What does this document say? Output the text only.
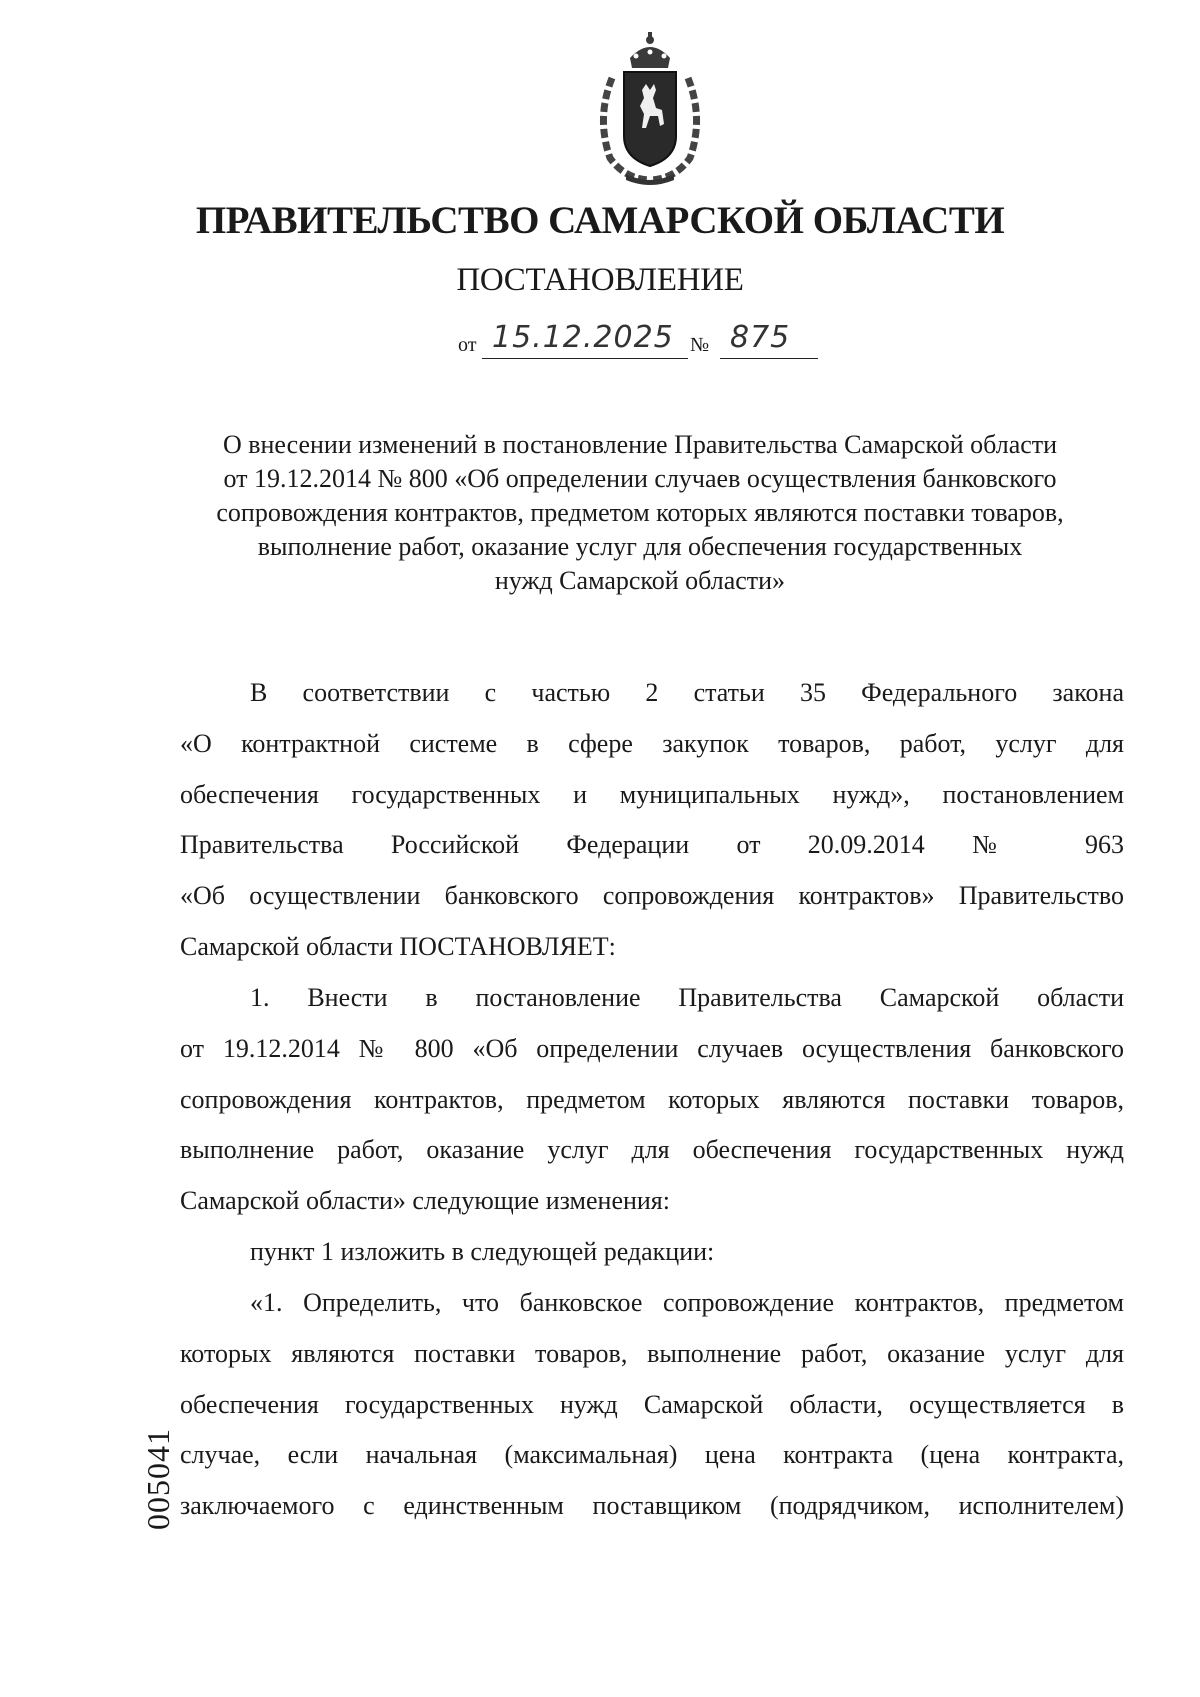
ПРАВИТЕЛЬСТВО САМАРСКОЙ ОБЛАСТИ
ПОСТАНОВЛЕНИЕ
от 15.12.2025 № 875
О внесении изменений в постановление Правительства Самарской области
от 19.12.2014 № 800 «Об определении случаев осуществления банковского
сопровождения контрактов, предметом которых являются поставки товаров,
выполнение работ, оказание услуг для обеспечения государственных
нужд Самарской области»
В соответствии с частью 2 статьи 35 Федерального закона
«О контрактной системе в сфере закупок товаров, работ, услуг для
обеспечения государственных и муниципальных нужд», постановлением
Правительства Российской Федерации от 20.09.2014 № 963
«Об осуществлении банковского сопровождения контрактов» Правительство
Самарской области ПОСТАНОВЛЯЕТ:
1. Внести в постановление Правительства Самарской области
от 19.12.2014 № 800 «Об определении случаев осуществления банковского
сопровождения контрактов, предметом которых являются поставки товаров,
выполнение работ, оказание услуг для обеспечения государственных нужд
Самарской области» следующие изменения:
пункт 1 изложить в следующей редакции:
«1. Определить, что банковское сопровождение контрактов, предметом
которых являются поставки товаров, выполнение работ, оказание услуг для
обеспечения государственных нужд Самарской области, осуществляется в
случае, если начальная (максимальная) цена контракта (цена контракта,
заключаемого с единственным поставщиком (подрядчиком, исполнителем)
005041
